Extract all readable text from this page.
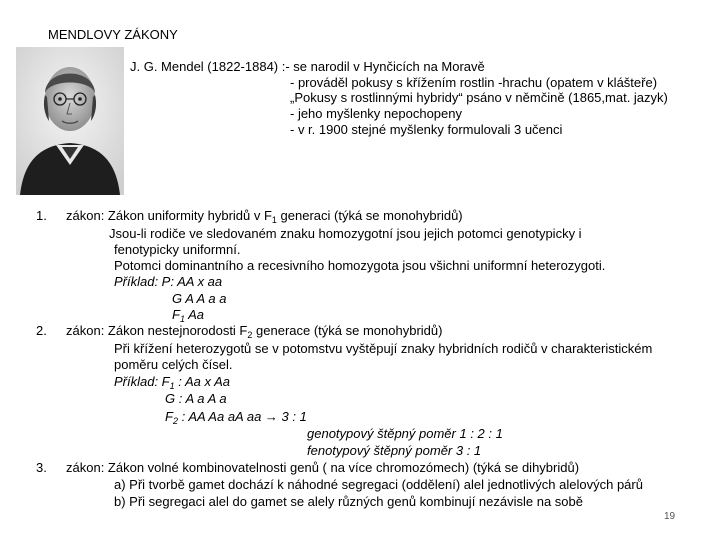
MENDLOVY ZÁKONY
J. G. Mendel (1822-1884) :- se narodil v Hynčicích na Moravě
- prováděl pokusy s křížením rostlin -hrachu (opatem v klášteře)
„Pokusy s rostlinnými hybridy“ psáno v němčině (1865,mat. jazyk)
- jeho myšlenky nepochopeny
- v r. 1900 stejné myšlenky formulovali 3 učenci
1. zákon: Zákon uniformity hybridů v $F_1$ generaci (týká se monohybridů)
Jsou-li rodiče ve sledovaném znaku homozygotní jsou jejich potomci genotypicky i
fenotypicky uniformní.
Potomci dominantního a recesivního homozygota jsou všichni uniformní heterozygoti.
Příklad: P: AA x aa
G A A a a
$F_1$ Aa
2. zákon: Zákon nestejnorodosti $F_2$ generace (týká se monohybridů)
Při křížení heterozygotů se v potomstvu vyštěpují znaky hybridních rodičů v charakteristickém
poměru celých čísel.
Příklad: $F_1$ : Aa x Aa
G : A a A a
$F_2$ : AA Aa aA aa → 3 : 1
genotypový štěpný poměr 1 : 2 : 1
fenotypový štěpný poměr 3 : 1
3. zákon: Zákon volné kombinovatelnosti genů ( na více chromozómech) (týká se dihybridů)
a) Při tvorbě gamet dochází k náhodné segregaci (oddělení) alel jednotlivých alelových párů
b) Při segregaci alel do gamet se alely různých genů kombinují nezávisle na sobě
19
